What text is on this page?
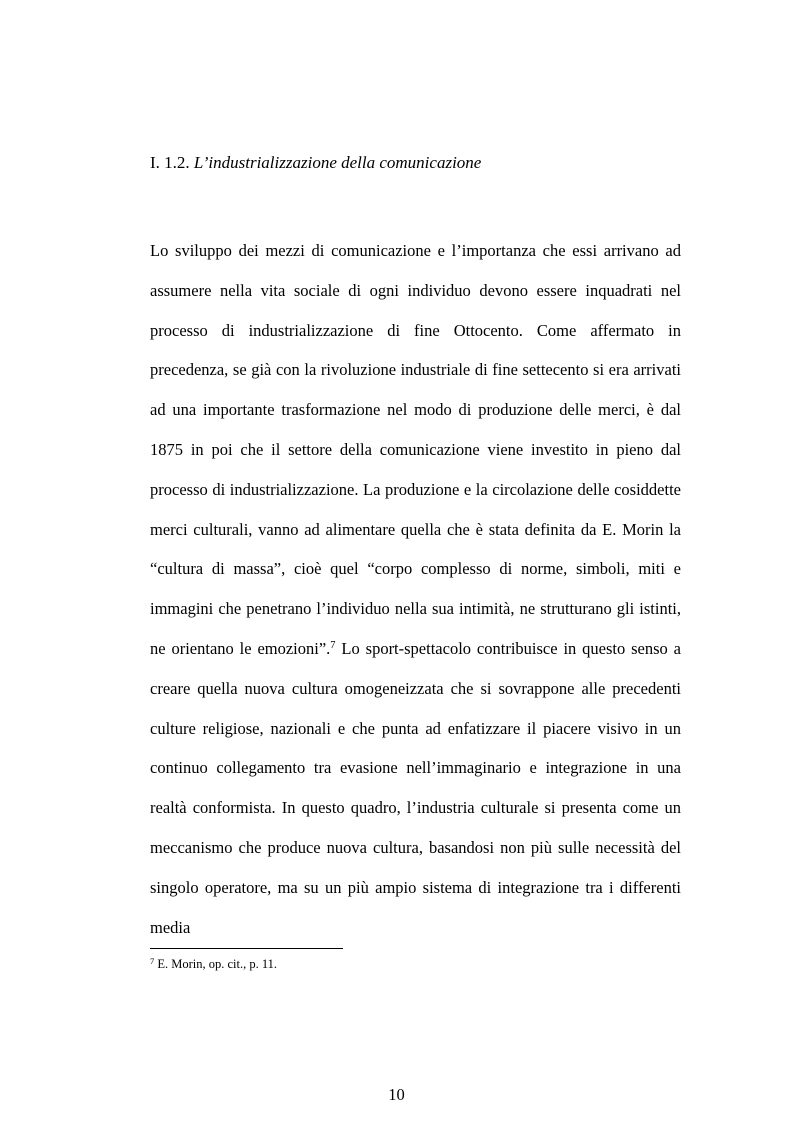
I. 1.2. L’industrializzazione della comunicazione

Lo sviluppo dei mezzi di comunicazione e l’importanza che essi arrivano ad assumere nella vita sociale di ogni individuo devono essere inquadrati nel processo di industrializzazione di fine Ottocento. Come affermato in precedenza, se già con la rivoluzione industriale di fine settecento si era arrivati ad una importante trasformazione nel modo di produzione delle merci, è dal 1875 in poi che il settore della comunicazione viene investito in pieno dal processo di industrializzazione. La produzione e la circolazione delle cosiddette merci culturali, vanno ad alimentare quella che è stata definita da E. Morin la “cultura di massa”, cioè quel “corpo complesso di norme, simboli, miti e immagini che penetrano l’individuo nella sua intimità, ne strutturano gli istinti, ne orientano le emozioni”.$^7$ Lo sport-spettacolo contribuisce in questo senso a creare quella nuova cultura omogeneizzata che si sovrappone alle precedenti culture religiose, nazionali e che punta ad enfatizzare il piacere visivo in un continuo collegamento tra evasione nell’immaginario e integrazione in una realtà conformista. In questo quadro, l’industria culturale si presenta come un meccanismo che produce nuova cultura, basandosi non più sulle necessità del singolo operatore, ma su un più ampio sistema di integrazione tra i differenti media

$^7$ E. Morin, op. cit., p. 11.
10
